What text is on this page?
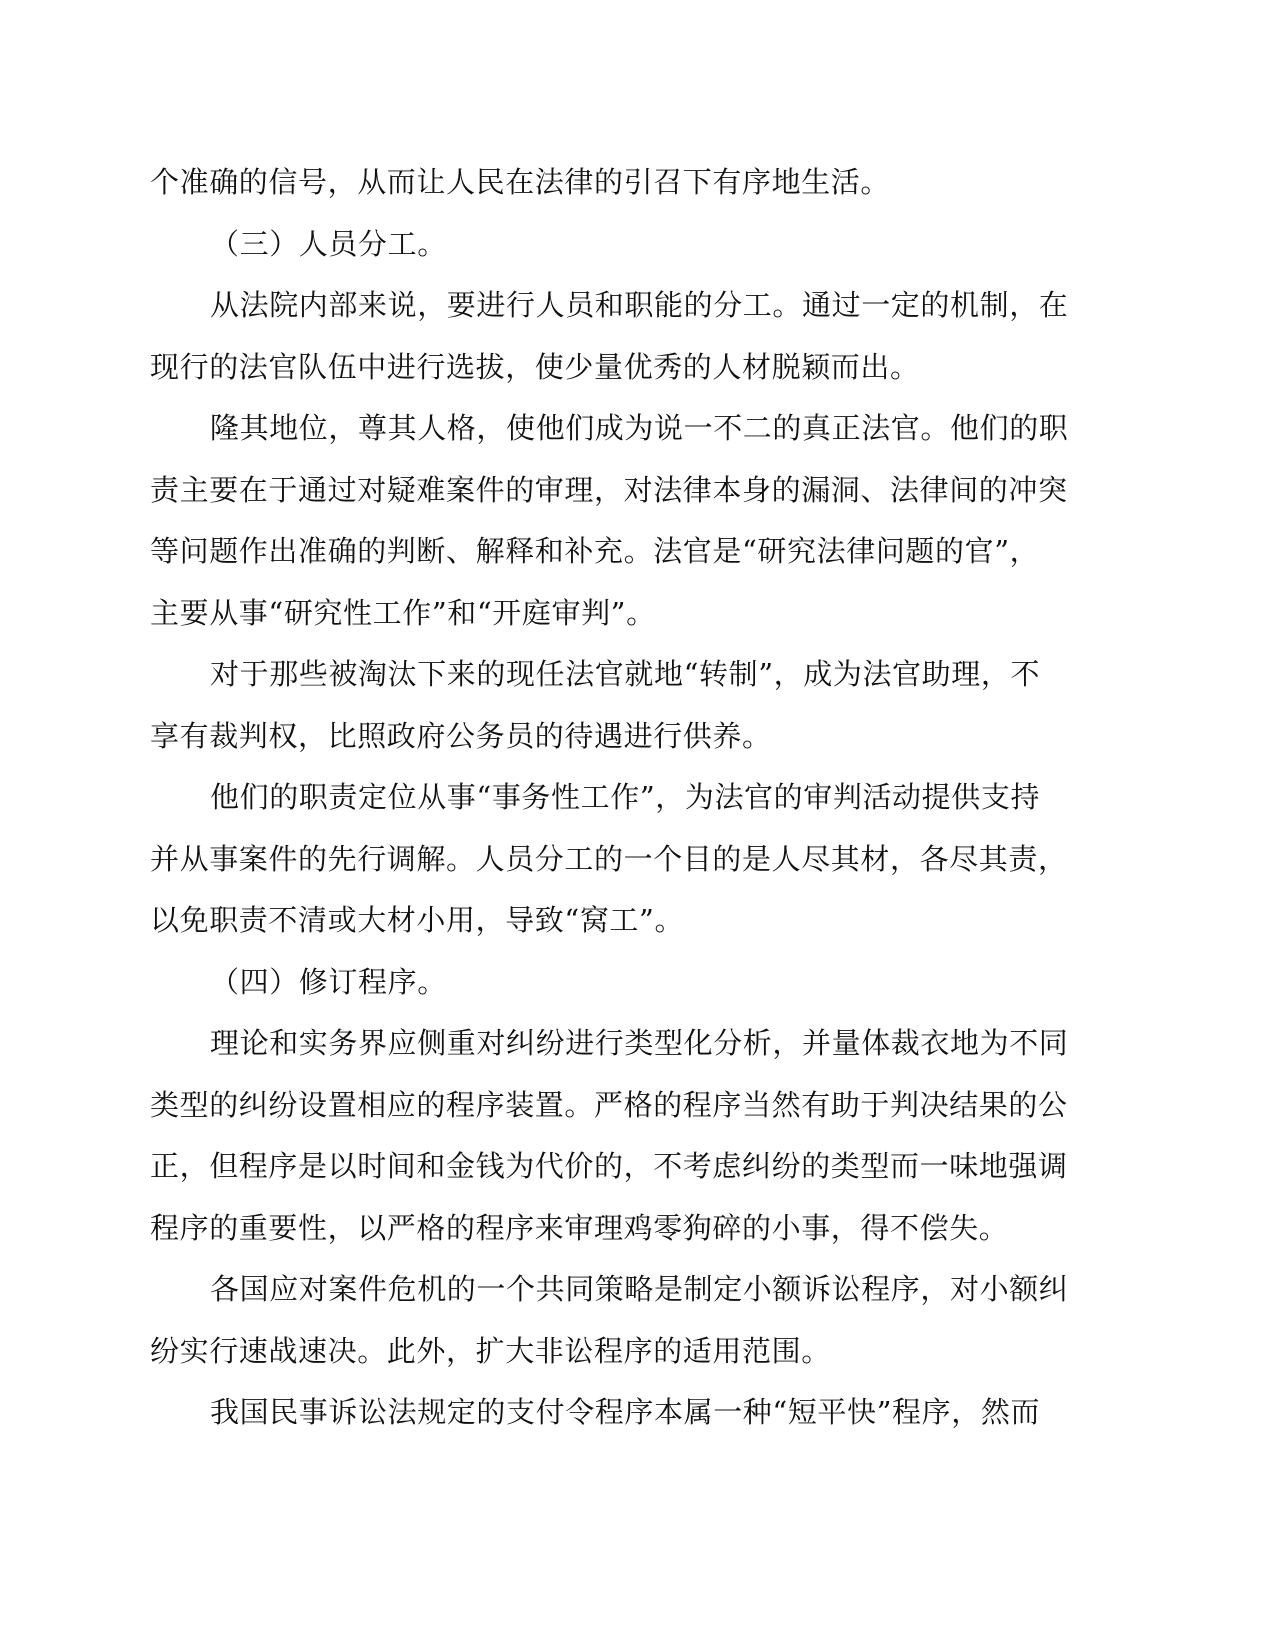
个准确的信号，从而让人民在法律的引召下有序地生活。

（三）人员分工。

从法院内部来说，要进行人员和职能的分工。通过一定的机制，在
现行的法官队伍中进行选拔，使少量优秀的人材脱颖而出。

隆其地位，尊其人格，使他们成为说一不二的真正法官。他们的职
责主要在于通过对疑难案件的审理，对法律本身的漏洞、法律间的冲突
等问题作出准确的判断、解释和补充。法官是“研究法律问题的官”，
主要从事“研究性工作”和“开庭审判”。

对于那些被淘汰下来的现任法官就地“转制”，成为法官助理，不
享有裁判权，比照政府公务员的待遇进行供养。

他们的职责定位从事“事务性工作”，为法官的审判活动提供支持
并从事案件的先行调解。人员分工的一个目的是人尽其材，各尽其责，
以免职责不清或大材小用，导致“窝工”。

（四）修订程序。

理论和实务界应侧重对纠纷进行类型化分析，并量体裁衣地为不同
类型的纠纷设置相应的程序装置。严格的程序当然有助于判决结果的公
正，但程序是以时间和金钱为代价的，不考虑纠纷的类型而一味地强调
程序的重要性，以严格的程序来审理鸡零狗碎的小事，得不偿失。

各国应对案件危机的一个共同策略是制定小额诉讼程序，对小额纠
纷实行速战速决。此外，扩大非讼程序的适用范围。

我国民事诉讼法规定的支付令程序本属一种“短平快”程序，然而
